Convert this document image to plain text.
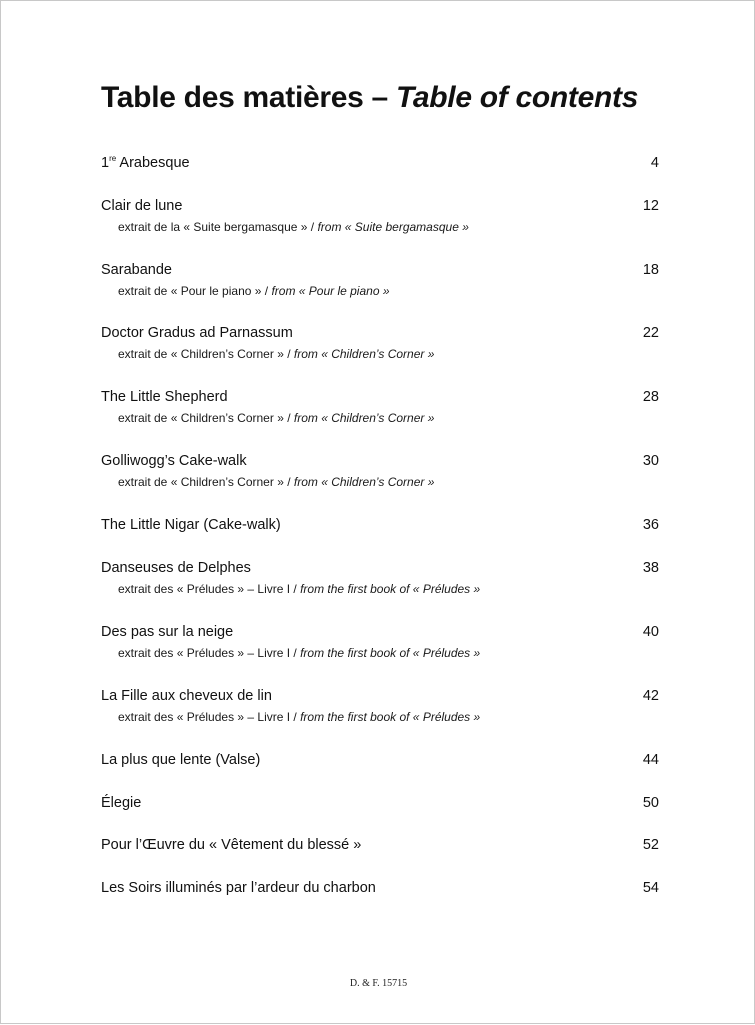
Table des matières – Table of contents
1re Arabesque	4
Clair de lune	12
extrait de la « Suite bergamasque » / from « Suite bergamasque »
Sarabande	18
extrait de « Pour le piano » / from « Pour le piano »
Doctor Gradus ad Parnassum	22
extrait de « Children’s Corner » / from « Children’s Corner »
The Little Shepherd	28
extrait de « Children’s Corner » / from « Children’s Corner »
Golliwogg’s Cake-walk	30
extrait de « Children’s Corner » / from « Children’s Corner »
The Little Nigar (Cake-walk)	36
Danseuses de Delphes	38
extrait des « Préludes » – Livre I / from the first book of « Préludes »
Des pas sur la neige	40
extrait des « Préludes » – Livre I / from the first book of « Préludes »
La Fille aux cheveux de lin	42
extrait des « Préludes » – Livre I / from the first book of « Préludes »
La plus que lente (Valse)	44
Élegie	50
Pour l’Œuvre du « Vêtement du blessé »	52
Les Soirs illuminés par l’ardeur du charbon	54
D. & F. 15715
